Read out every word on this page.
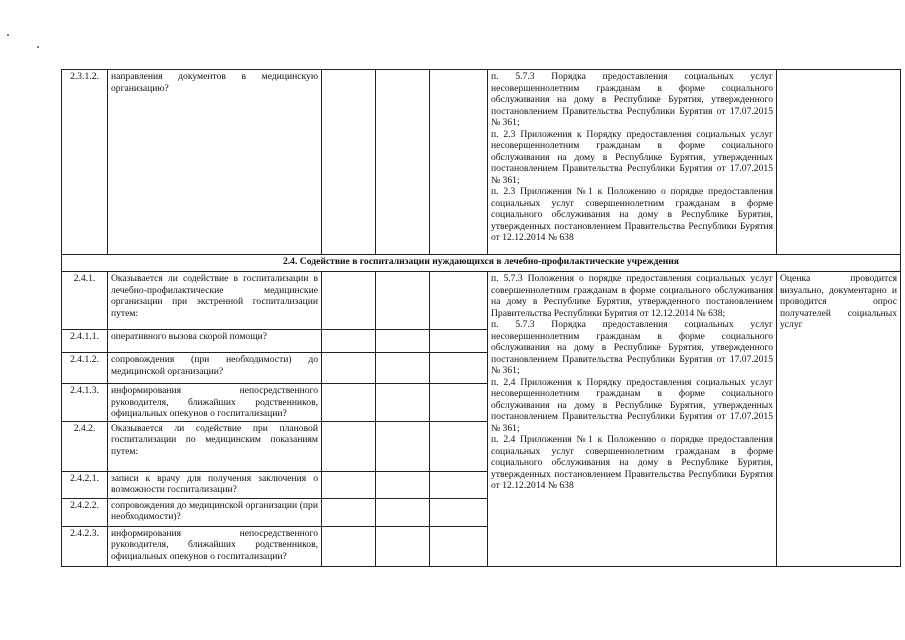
2.3.1.2.	направления документов в медицинскую организацию?				п. 5.7.3 Порядка предоставления социальных услуг несовершеннолетним гражданам в форме социального обслуживания на дому в Республике Бурятия, утвержденного постановлением Правительства Республики Бурятия от 17.07.2015 № 361;
п. 2.3 Приложения к Порядку предоставления социальных услуг несовершеннолетним гражданам в форме социального обслуживания на дому в Республике Бурятия, утвержденных постановлением Правительства Республики Бурятия от 17.07.2015 № 361;
п. 2.3 Приложения №1 к Положению о порядке предоставления социальных услуг совершеннолетним гражданам в форме социального обслуживания на дому в Республике Бурятия, утвержденных постановлением Правительства Республики Бурятия от 12.12.2014 № 638	

2.4. Содействие в госпитализации нуждающихся в лечебно-профилактические учреждения						
2.4.1.	Оказывается ли содействие в госпитализации в лечебно-профилактические медицинские организации при экстренной госпитализации путем:				п. 5.7.3 Положения о порядке предоставления социальных услуг совершеннолетним гражданам в форме социального обслуживания на дому в Республике Бурятия, утвержденного постановлением Правительства Республики Бурятия от 12.12.2014 № 638;
п. 5.7.3 Порядка предоставления социальных услуг несовершеннолетним гражданам в форме социального обслуживания на дому в Республике Бурятия, утвержденного постановлением Правительства Республики Бурятия от 17.07.2015 № 361;
п. 2.4 Приложения к Порядку предоставления социальных услуг несовершеннолетним гражданам в форме социального обслуживания на дому в Республике Бурятия, утвержденных постановлением Правительства Республики Бурятия от 17.07.2015 № 361;
п. 2.4 Приложения №1 к Положению о порядке предоставления социальных услуг совершеннолетним гражданам в форме социального обслуживания на дому в Республике Бурятия, утвержденных постановлением Правительства Республики Бурятия от 12.12.2014 № 638	Оценка проводится визуально, документарно и проводится опрос получателей социальных услуг
2.4.1.1.	оперативного вызова скорой помощи?					
2.4.1.2.	сопровождения (при необходимости) до медицинской организации?					
2.4.1.3.	информирования непосредственного руководителя, ближайших родственников, официальных опекунов о госпитализации?					
2.4.2.	Оказывается ли содействие при плановой госпитализации по медицинским показаниям путем:					
2.4.2.1.	записи к врачу для получения заключения о возможности госпитализации?					
2.4.2.2.	сопровождения до медицинской организации (при необходимости)?					
2.4.2.3.	информирования непосредственного руководителя, ближайших родственников, официальных опекунов о госпитализации?					
